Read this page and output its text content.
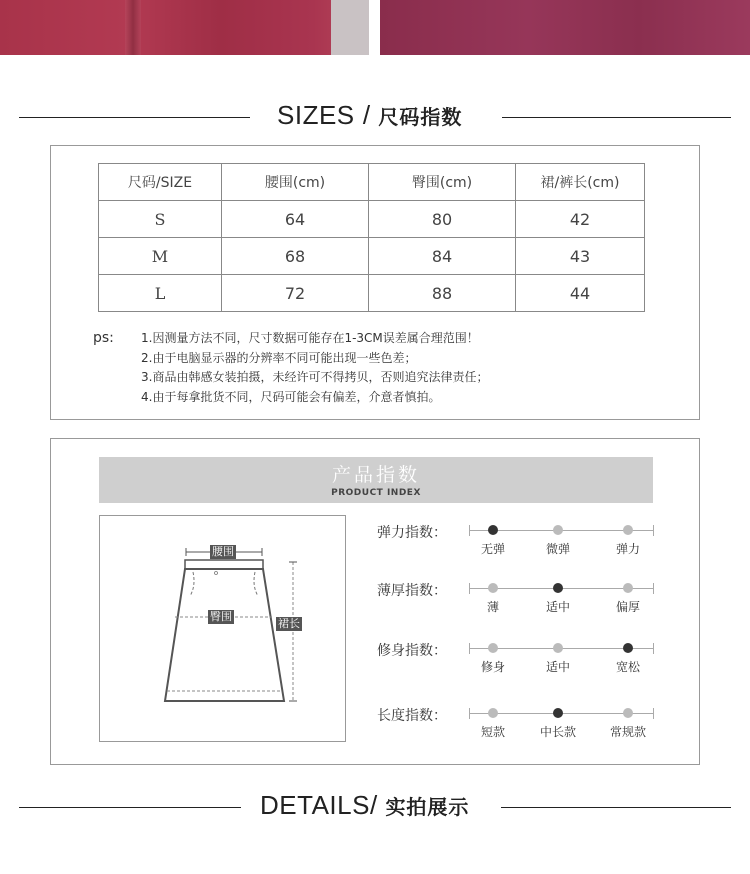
SIZES / 尺码指数
尺码/SIZE	腰围(cm)	臀围(cm)	裙/裤长(cm)
S	64	80	42
M	68	84	43
L	72	88	44
ps: 1.因测量方法不同，尺寸数据可能存在1-3CM误差属合理范围！
2.由于电脑显示器的分辨率不同可能出现一些色差；
3.商品由韩感女装拍摄，未经许可不得拷贝，否则追究法律责任；
4.由于每拿批货不同，尺码可能会有偏差，介意者慎拍。
产品指数
PRODUCT INDEX
腰围
臀围
裙长
弹力指数：
无弹	微弹	弹力
薄厚指数：
薄	适中	偏厚
修身指数：
修身	适中	宽松
长度指数：
短款	中长款	常规款
DETAILS/ 实拍展示
